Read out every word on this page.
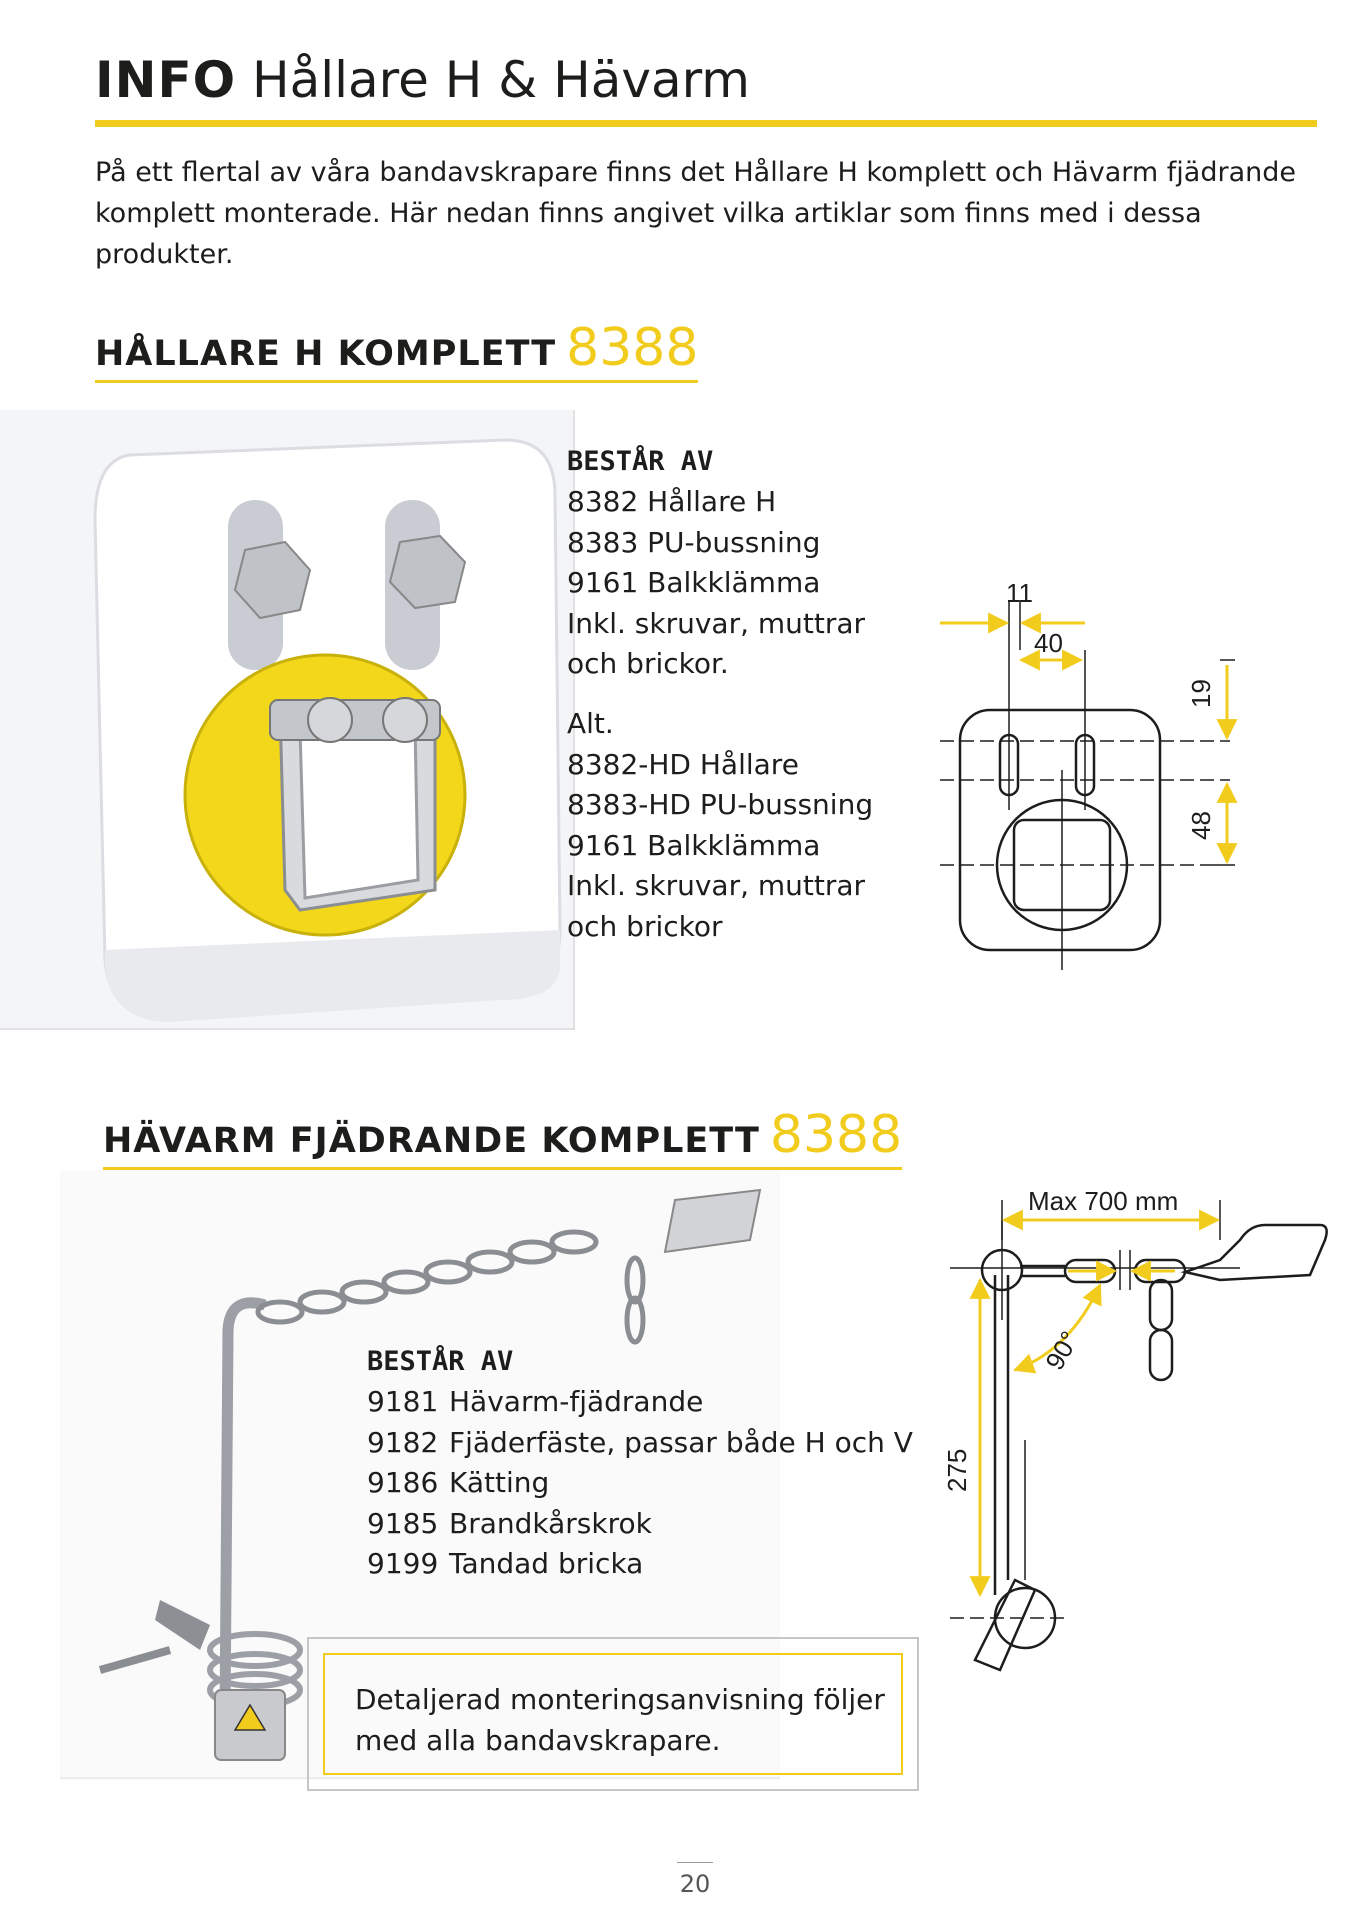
INFO Hållare H & Hävarm
På ett flertal av våra bandavskrapare finns det Hållare H komplett och Hävarm fjädrande
komplett monterade. Här nedan finns angivet vilka artiklar som finns med i dessa produkter.
HÅLLARE H KOMPLETT 8388
BESTÅR AV
8382 Hållare H
8383 PU-bussning
9161 Balkklämma
Inkl. skruvar, muttrar
och brickor.
Alt.
8382-HD Hållare
8383-HD PU-bussning
9161 Balkklämma
Inkl. skruvar, muttrar
och brickor
11
40
19
48
HÄVARM FJÄDRANDE KOMPLETT 8388
BESTÅR AV
9181 Hävarm-fjädrande
9182 Fjäderfäste, passar både H och V
9186 Kätting
9185 Brandkårskrok
9199 Tandad bricka
Detaljerad monteringsanvisning följer
med alla bandavskrapare.
Max 700 mm
90°
275
20
